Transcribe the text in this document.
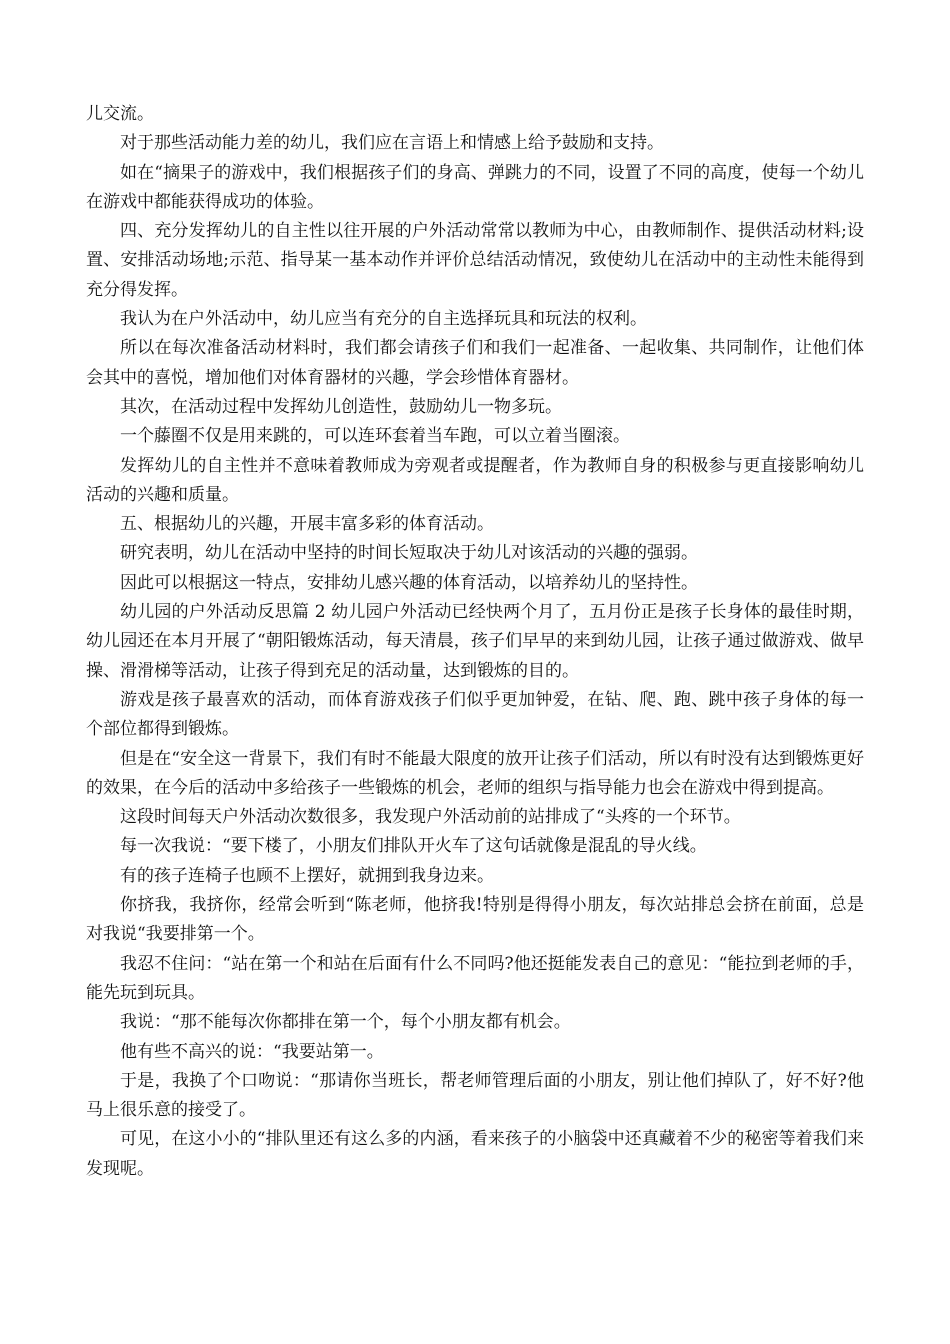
儿交流。

对于那些活动能力差的幼儿，我们应在言语上和情感上给予鼓励和支持。

如在“摘果子的游戏中，我们根据孩子们的身高、弹跳力的不同，设置了不同的高度，使每一个幼儿在游戏中都能获得成功的体验。

四、充分发挥幼儿的自主性以往开展的户外活动常常以教师为中心，由教师制作、提供活动材料;设置、安排活动场地;示范、指导某一基本动作并评价总结活动情况，致使幼儿在活动中的主动性未能得到充分得发挥。

我认为在户外活动中，幼儿应当有充分的自主选择玩具和玩法的权利。

所以在每次准备活动材料时，我们都会请孩子们和我们一起准备、一起收集、共同制作，让他们体会其中的喜悦，增加他们对体育器材的兴趣，学会珍惜体育器材。

其次，在活动过程中发挥幼儿创造性，鼓励幼儿一物多玩。

一个藤圈不仅是用来跳的，可以连环套着当车跑，可以立着当圈滚。

发挥幼儿的自主性并不意味着教师成为旁观者或提醒者，作为教师自身的积极参与更直接影响幼儿活动的兴趣和质量。

五、根据幼儿的兴趣，开展丰富多彩的体育活动。

研究表明，幼儿在活动中坚持的时间长短取决于幼儿对该活动的兴趣的强弱。

因此可以根据这一特点，安排幼儿感兴趣的体育活动，以培养幼儿的坚持性。

幼儿园的户外活动反思篇 2 幼儿园户外活动已经快两个月了，五月份正是孩子长身体的最佳时期，幼儿园还在本月开展了“朝阳锻炼活动，每天清晨，孩子们早早的来到幼儿园，让孩子通过做游戏、做早操、滑滑梯等活动，让孩子得到充足的活动量，达到锻炼的目的。

游戏是孩子最喜欢的活动，而体育游戏孩子们似乎更加钟爱，在钻、爬、跑、跳中孩子身体的每一个部位都得到锻炼。

但是在“安全这一背景下，我们有时不能最大限度的放开让孩子们活动，所以有时没有达到锻炼更好的效果，在今后的活动中多给孩子一些锻炼的机会，老师的组织与指导能力也会在游戏中得到提高。

这段时间每天户外活动次数很多，我发现户外活动前的站排成了“头疼的一个环节。

每一次我说：“要下楼了，小朋友们排队开火车了这句话就像是混乱的导火线。

有的孩子连椅子也顾不上摆好，就拥到我身边来。

你挤我，我挤你，经常会听到“陈老师，他挤我!特别是得得小朋友，每次站排总会挤在前面，总是对我说“我要排第一个。

我忍不住问：“站在第一个和站在后面有什么不同吗?他还挺能发表自己的意见：“能拉到老师的手，能先玩到玩具。

我说：“那不能每次你都排在第一个，每个小朋友都有机会。

他有些不高兴的说：“我要站第一。

于是，我换了个口吻说：“那请你当班长，帮老师管理后面的小朋友，别让他们掉队了，好不好?他马上很乐意的接受了。

可见，在这小小的“排队里还有这么多的内涵，看来孩子的小脑袋中还真藏着不少的秘密等着我们来发现呢。
